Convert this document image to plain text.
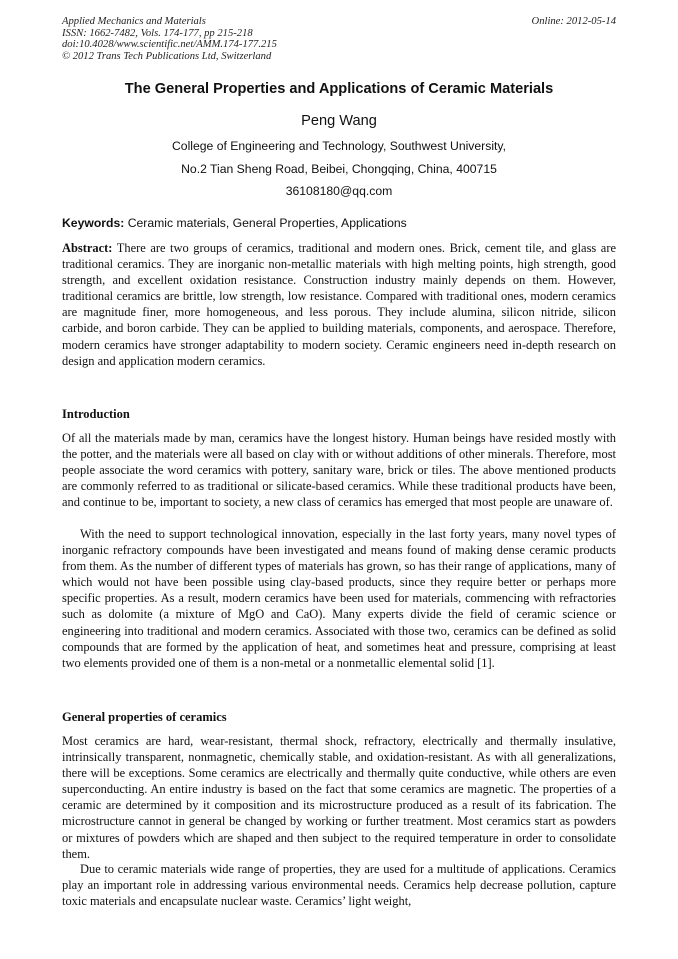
Applied Mechanics and Materials
ISSN: 1662-7482, Vols. 174-177, pp 215-218
doi:10.4028/www.scientific.net/AMM.174-177.215
© 2012 Trans Tech Publications Ltd, Switzerland
Online: 2012-05-14
The General Properties and Applications of Ceramic Materials
Peng Wang
College of Engineering and Technology, Southwest University,
No.2 Tian Sheng Road, Beibei, Chongqing, China, 400715
36108180@qq.com
Keywords: Ceramic materials, General Properties, Applications
Abstract: There are two groups of ceramics, traditional and modern ones. Brick, cement tile, and glass are traditional ceramics. They are inorganic non-metallic materials with high melting points, high strength, good strength, and excellent oxidation resistance. Construction industry mainly depends on them. However, traditional ceramics are brittle, low strength, low resistance. Compared with traditional ones, modern ceramics are magnitude finer, more homogeneous, and less porous. They include alumina, silicon nitride, silicon carbide, and boron carbide. They can be applied to building materials, components, and aerospace. Therefore, modern ceramics have stronger adaptability to modern society. Ceramic engineers need in-depth research on design and application modern ceramics.
Introduction
Of all the materials made by man, ceramics have the longest history. Human beings have resided mostly with the potter, and the materials were all based on clay with or without additions of other minerals. Therefore, most people associate the word ceramics with pottery, sanitary ware, brick or tiles. The above mentioned products are commonly referred to as traditional or silicate-based ceramics. While these traditional products have been, and continue to be, important to society, a new class of ceramics has emerged that most people are unaware of.
With the need to support technological innovation, especially in the last forty years, many novel types of inorganic refractory compounds have been investigated and means found of making dense ceramic products from them. As the number of different types of materials has grown, so has their range of applications, many of which would not have been possible using clay-based products, since they require better or perhaps more specific properties. As a result, modern ceramics have been used for materials, commencing with refractories such as dolomite (a mixture of MgO and CaO). Many experts divide the field of ceramic science or engineering into traditional and modern ceramics. Associated with those two, ceramics can be defined as solid compounds that are formed by the application of heat, and sometimes heat and pressure, comprising at least two elements provided one of them is a non-metal or a nonmetallic elemental solid [1].
General properties of ceramics
Most ceramics are hard, wear-resistant, thermal shock, refractory, electrically and thermally insulative, intrinsically transparent, nonmagnetic, chemically stable, and oxidation-resistant. As with all generalizations, there will be exceptions. Some ceramics are electrically and thermally quite conductive, while others are even superconducting. An entire industry is based on the fact that some ceramics are magnetic. The properties of a ceramic are determined by it composition and its microstructure produced as a result of its fabrication. The microstructure cannot in general be changed by working or further treatment. Most ceramics start as powders or mixtures of powders which are shaped and then subject to the required temperature in order to consolidate them.
Due to ceramic materials wide range of properties, they are used for a multitude of applications. Ceramics play an important role in addressing various environmental needs. Ceramics help decrease pollution, capture toxic materials and encapsulate nuclear waste. Ceramics’ light weight,
